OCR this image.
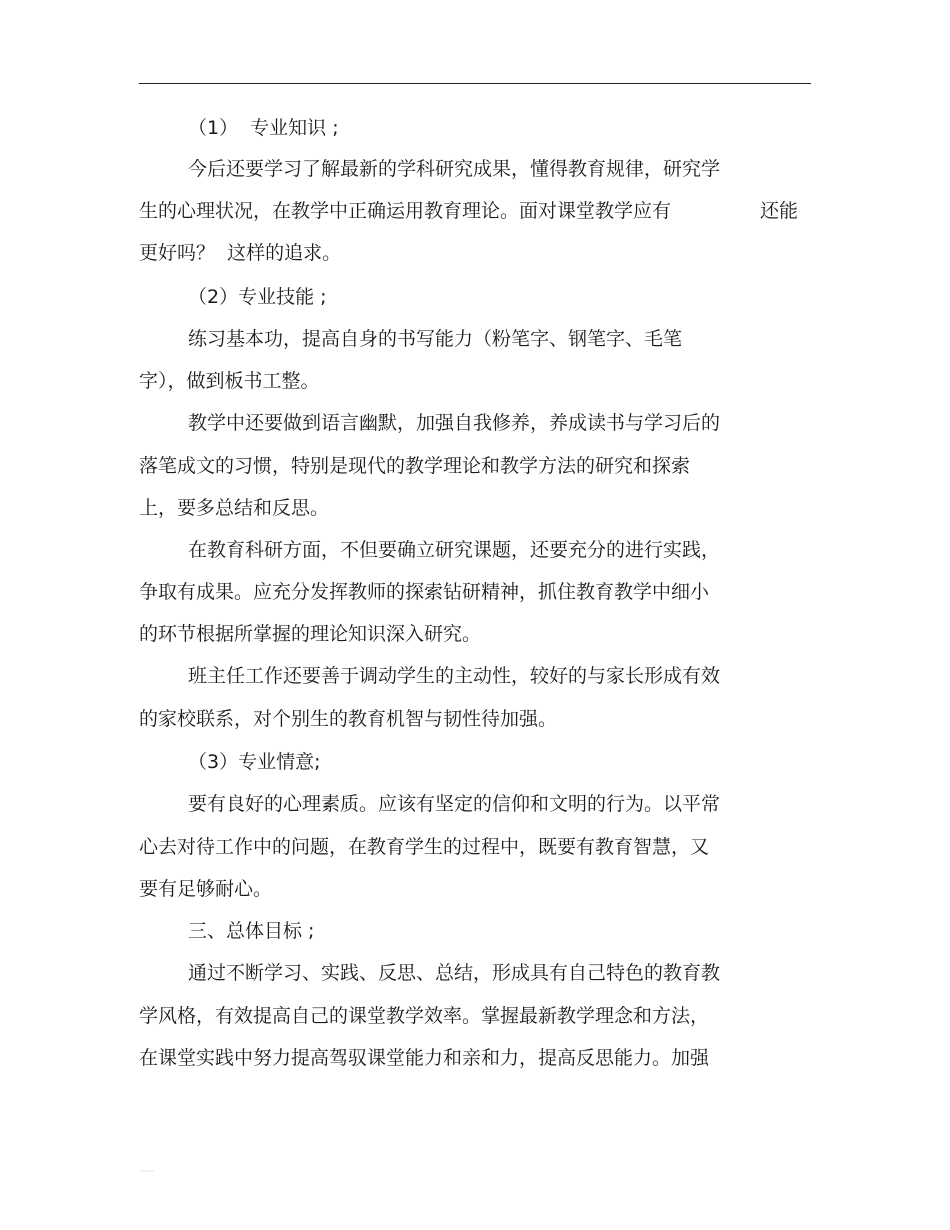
（1）  专业知识 ;
今后还要学习了解最新的学科研究成果，懂得教育规律，研究学
生的心理状况，在教学中正确运用教育理论。面对课堂教学应有	还能
更好吗？  这样的追求。
（2）专业技能 ;
练习基本功，提高自身的书写能力（粉笔字、钢笔字、毛笔
字），做到板书工整。
教学中还要做到语言幽默，加强自我修养，养成读书与学习后的
落笔成文的习惯，特别是现代的教学理论和教学方法的研究和探索
上，要多总结和反思。
在教育科研方面，不但要确立研究课题，还要充分的进行实践，
争取有成果。应充分发挥教师的探索钻研精神，抓住教育教学中细小
的环节根据所掌握的理论知识深入研究。
班主任工作还要善于调动学生的主动性，较好的与家长形成有效
的家校联系，对个别生的教育机智与韧性待加强。
（3）专业情意;
要有良好的心理素质。应该有坚定的信仰和文明的行为。以平常
心去对待工作中的问题，在教育学生的过程中，既要有教育智慧，又
要有足够耐心。
三、总体目标 ;
通过不断学习、实践、反思、总结，形成具有自己特色的教育教
学风格，有效提高自己的课堂教学效率。掌握最新教学理念和方法，
在课堂实践中努力提高驾驭课堂能力和亲和力，提高反思能力。加强
